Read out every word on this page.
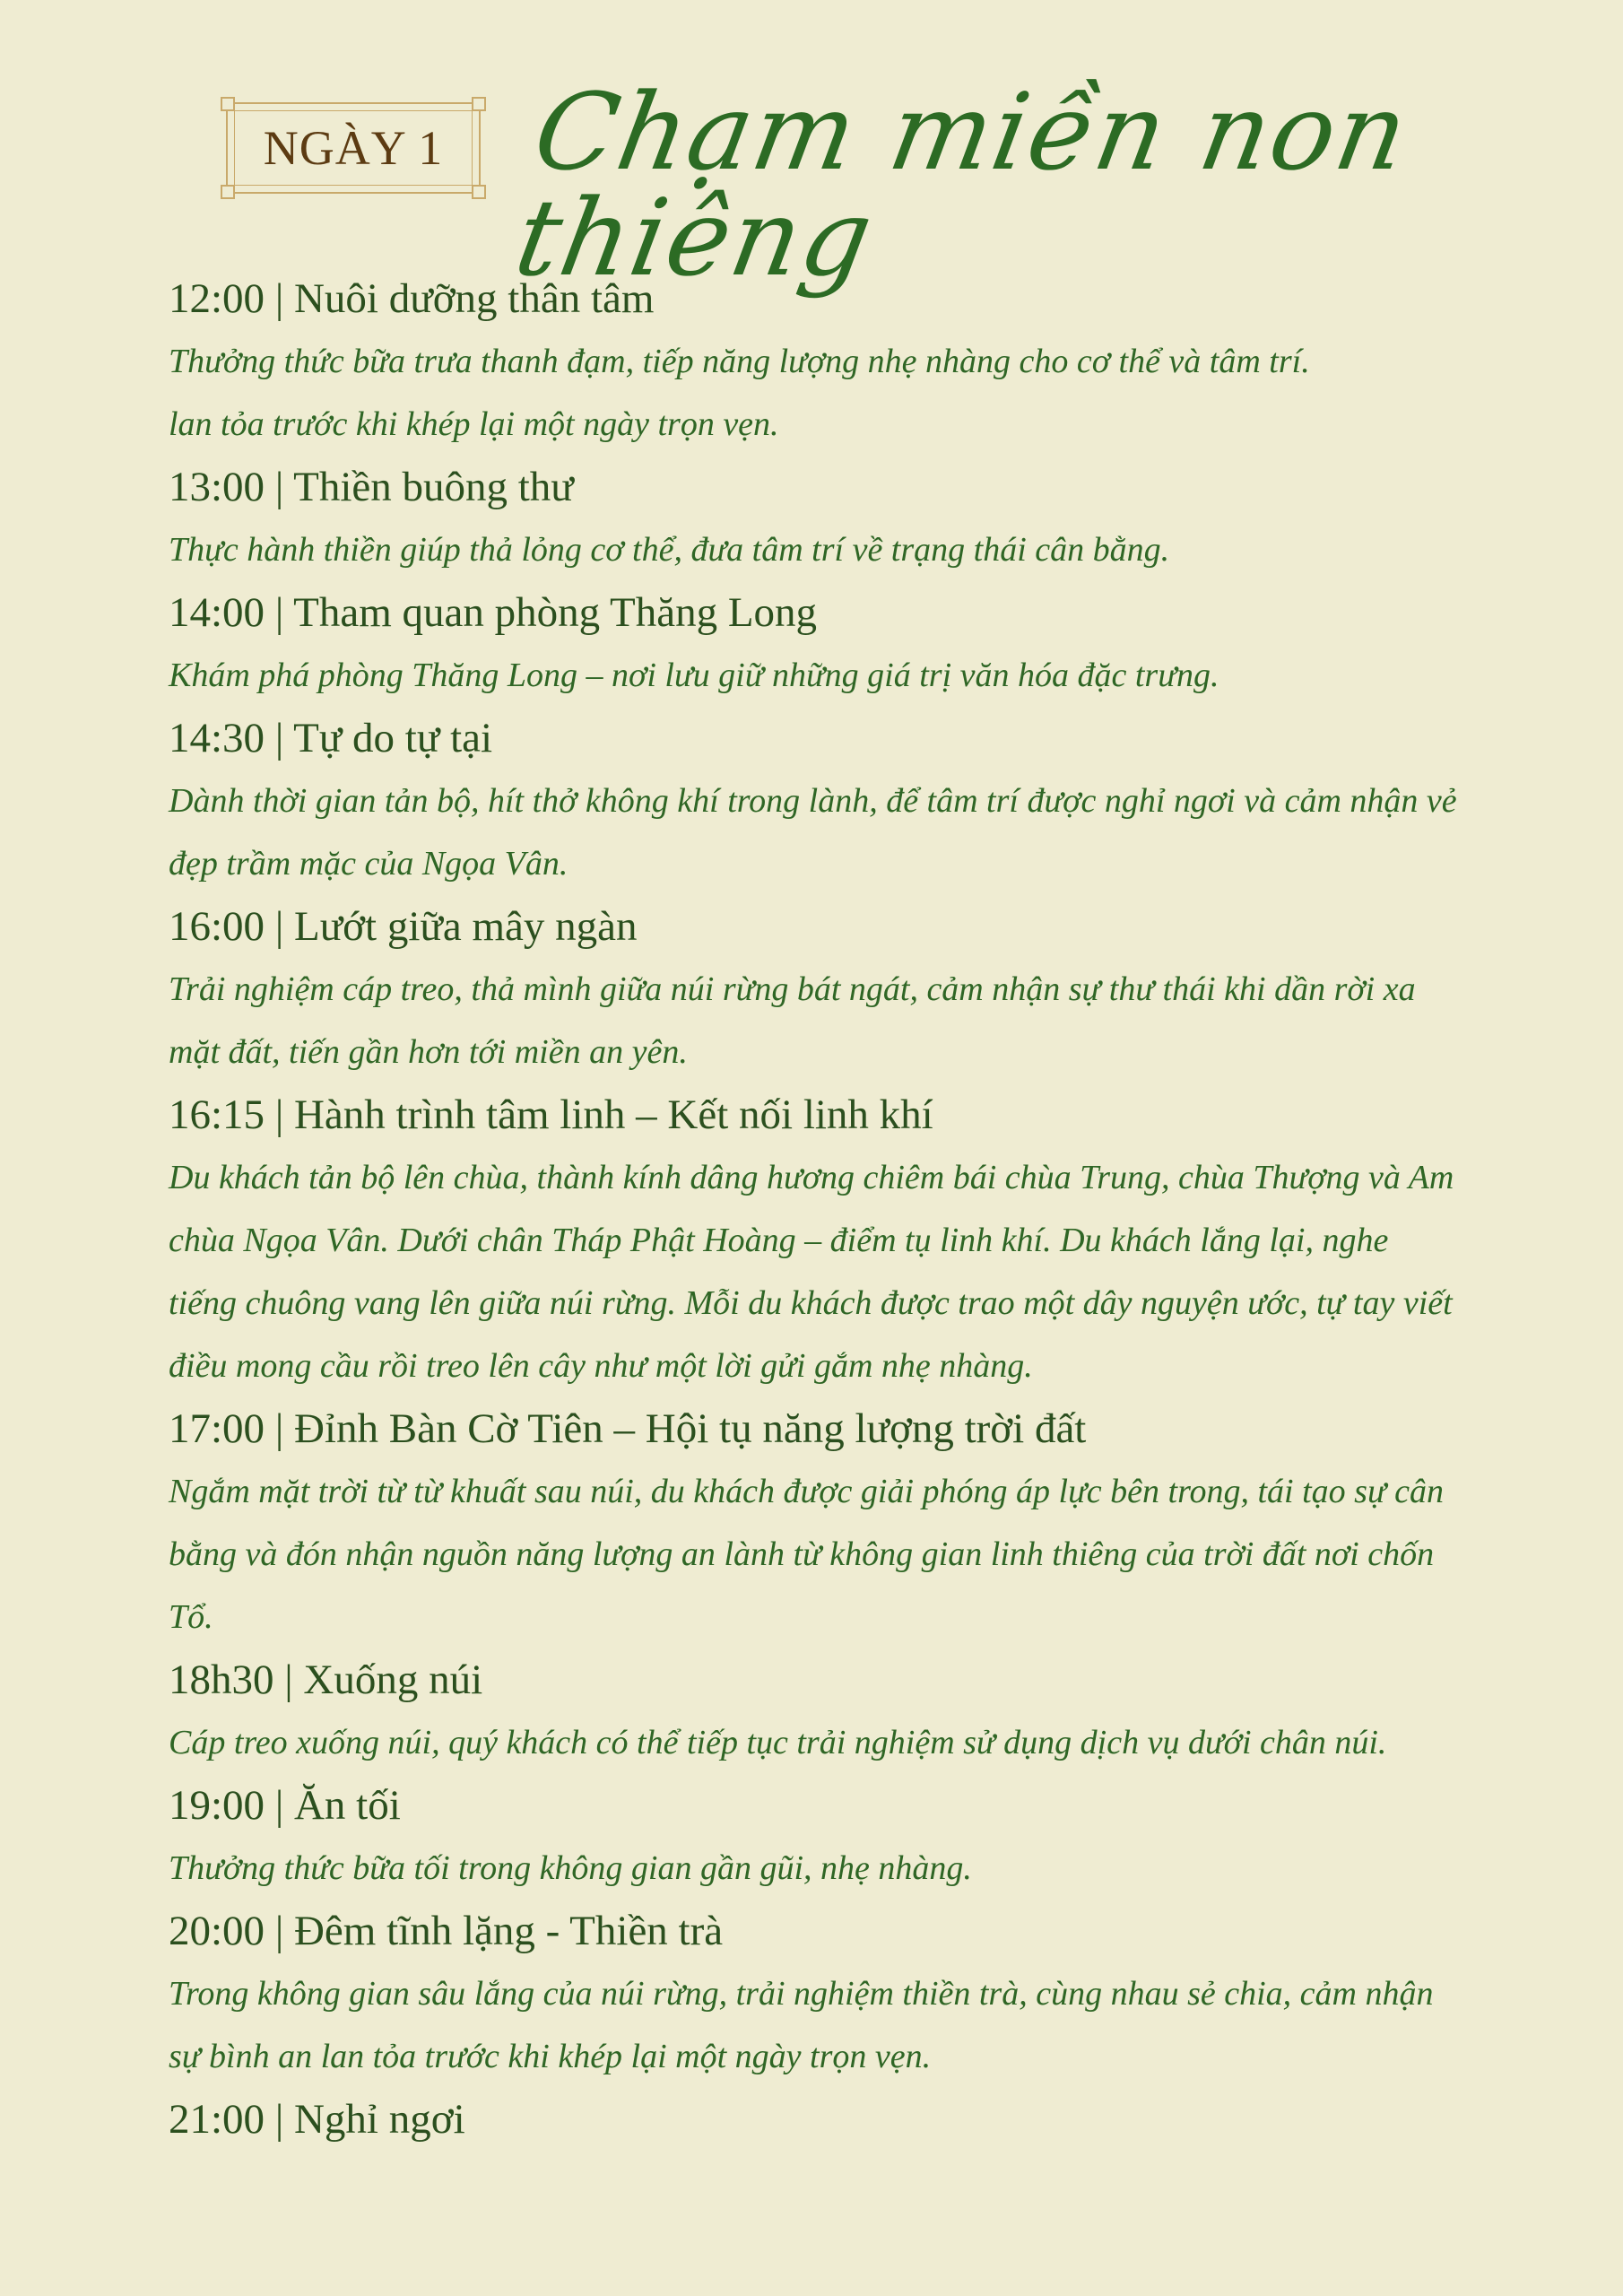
NGÀY 1 Chạm miền non thiêng

12:00 | Nuôi dưỡng thân tâm

Thưởng thức bữa trưa thanh đạm, tiếp năng lượng nhẹ nhàng cho cơ thể và tâm trí.
lan tỏa trước khi khép lại một ngày trọn vẹn.

13:00 | Thiền buông thư

Thực hành thiền giúp thả lỏng cơ thể, đưa tâm trí về trạng thái cân bằng.

14:00 | Tham quan phòng Thăng Long

Khám phá phòng Thăng Long – nơi lưu giữ những giá trị văn hóa đặc trưng.

14:30 | Tự do tự tại

Dành thời gian tản bộ, hít thở không khí trong lành, để tâm trí được nghỉ ngơi và cảm nhận vẻ
đẹp trầm mặc của Ngọa Vân.

16:00 | Lướt giữa mây ngàn

Trải nghiệm cáp treo, thả mình giữa núi rừng bát ngát, cảm nhận sự thư thái khi dần rời xa
mặt đất, tiến gần hơn tới miền an yên.

16:15 | Hành trình tâm linh – Kết nối linh khí

Du khách tản bộ lên chùa, thành kính dâng hương chiêm bái chùa Trung, chùa Thượng và Am
chùa Ngọa Vân. Dưới chân Tháp Phật Hoàng – điểm tụ linh khí. Du khách lắng lại, nghe
tiếng chuông vang lên giữa núi rừng. Mỗi du khách được trao một dây nguyện ước, tự tay viết
điều mong cầu rồi treo lên cây như một lời gửi gắm nhẹ nhàng.

17:00 | Đỉnh Bàn Cờ Tiên – Hội tụ năng lượng trời đất

Ngắm mặt trời từ từ khuất sau núi, du khách được giải phóng áp lực bên trong, tái tạo sự cân
bằng và đón nhận nguồn năng lượng an lành từ không gian linh thiêng của trời đất nơi chốn
Tổ.

18h30 | Xuống núi

Cáp treo xuống núi, quý khách có thể tiếp tục trải nghiệm sử dụng dịch vụ dưới chân núi.

19:00 | Ăn tối

Thưởng thức bữa tối trong không gian gần gũi, nhẹ nhàng.

20:00 | Đêm tĩnh lặng - Thiền trà

Trong không gian sâu lắng của núi rừng, trải nghiệm thiền trà, cùng nhau sẻ chia, cảm nhận
sự bình an lan tỏa trước khi khép lại một ngày trọn vẹn.

21:00 | Nghỉ ngơi
